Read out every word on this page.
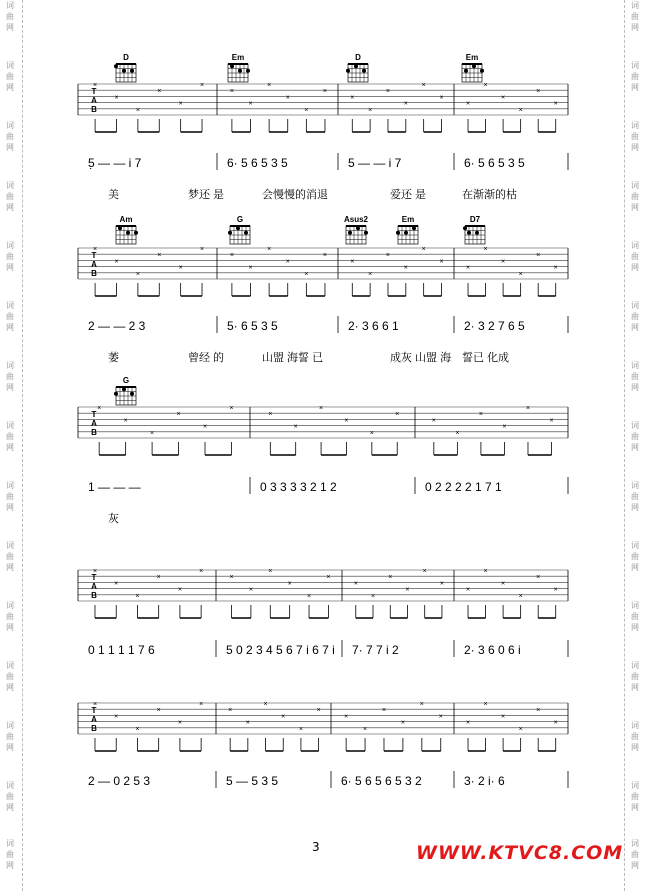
词
曲
网
词
曲
网
词
曲
网
词
曲
网
词
曲
网
词
曲
网
词
曲
网
词
曲
网
词
曲
网
词
曲
网
词
曲
网
词
曲
网
词
曲
网
词
曲
网
词
曲
网
词
曲
网
词
曲
网
词
曲
网
词
曲
网
词
曲
网
词
曲
网
词
曲
网
词
曲
网
词
曲
网
词
曲
网
词
曲
网
词
曲
网
词
曲
网
词
曲
网
词
曲
网
T
A
B
D	Em	D	Em
×
×
×
×
×
×
×
×
×
×
×
×
×
×
×
×
×
×
×
×
×
×
×
×
5̣ — — i 7	6· 5 6 5 3 5	5 — — i 7	6· 5 6 5 3 5
美	梦还 是	会慢慢的消退	爱还 是	在渐渐的枯
T
A
B
Am	G	Asus2	Em	D7
×
×
×
×
×
×
×
×
×
×
×
×
×
×
×
×
×
×
×
×
×
×
×
×
2 — — 2 3	5· 6 5 3 5	2· 3 6 6 1	2· 3 2 7 6 5
萎	曾经 的	山盟 海誓 已	成灰 山盟 海 誓已 化成
T
A
B
G
×
×
×
×
×
×
×
×
×
×
×
×
×
×
×
×
×
×
1 — — —	0 3 3 3 3 2 1 2	0 2 2 2 2 1 7 1
灰
T
A
B
×
×
×
×
×
×
×
×
×
×
×
×
×
×
×
×
×
×
×
×
×
×
×
×
0 1 1 1 1 7 6	5 0 2 3 4 5 6 7 i 6 7 i 7· 7 7 i 2	2· 3 6 0 6 i
T
A
B
×
×
×
×
×
×
×
×
×
×
×
×
×
×
×
×
×
×
×
×
×
×
×
×
2 — 0 2 5 3	5 — 5 3 5	6· 5 6 5 6 5 3 2	3· 2 i· 6
3	WWW.KTVC8.COM
